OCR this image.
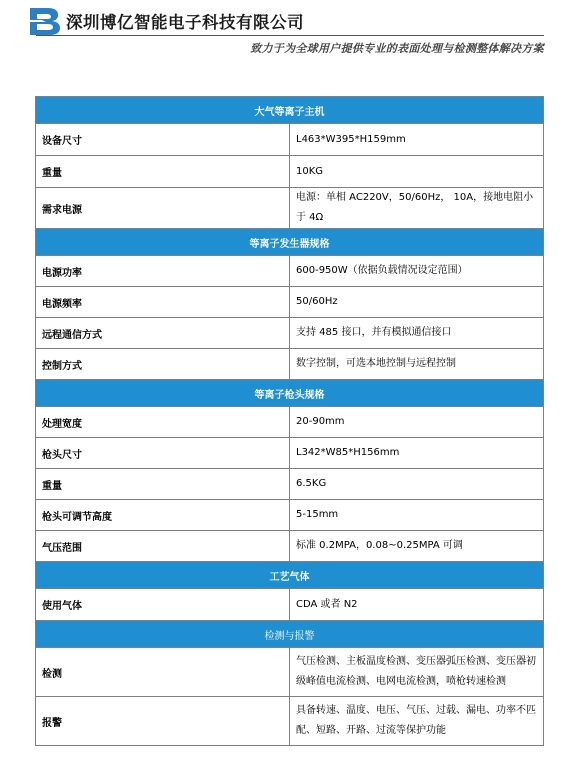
深圳博亿智能电子科技有限公司
致力于为全球用户提供专业的表面处理与检测整体解决方案
大气等离子主机	
设备尺寸	L463*W395*H159mm
重量	10KG
需求电源	电源：单相 AC220V，50/60Hz， 10A，接地电阻小于 4Ω
等离子发生器规格	
电源功率	600-950W（依据负载情况设定范围）
电源频率	50/60Hz
远程通信方式	支持 485 接口，并有模拟通信接口
控制方式	数字控制，可选本地控制与远程控制
等离子枪头规格	
处理宽度	20-90mm
枪头尺寸	L342*W85*H156mm
重量	6.5KG
枪头可调节高度	5-15mm
气压范围	标准 0.2MPA，0.08~0.25MPA 可调
工艺气体	
使用气体	CDA 或者 N2
检测与报警	
检测	气压检测、主板温度检测、变压器弧压检测、变压器初级峰值电流检测、电网电流检测，喷枪转速检测
报警	具备转速、温度、电压、气压、过载、漏电、功率不匹配、短路、开路、过流等保护功能
